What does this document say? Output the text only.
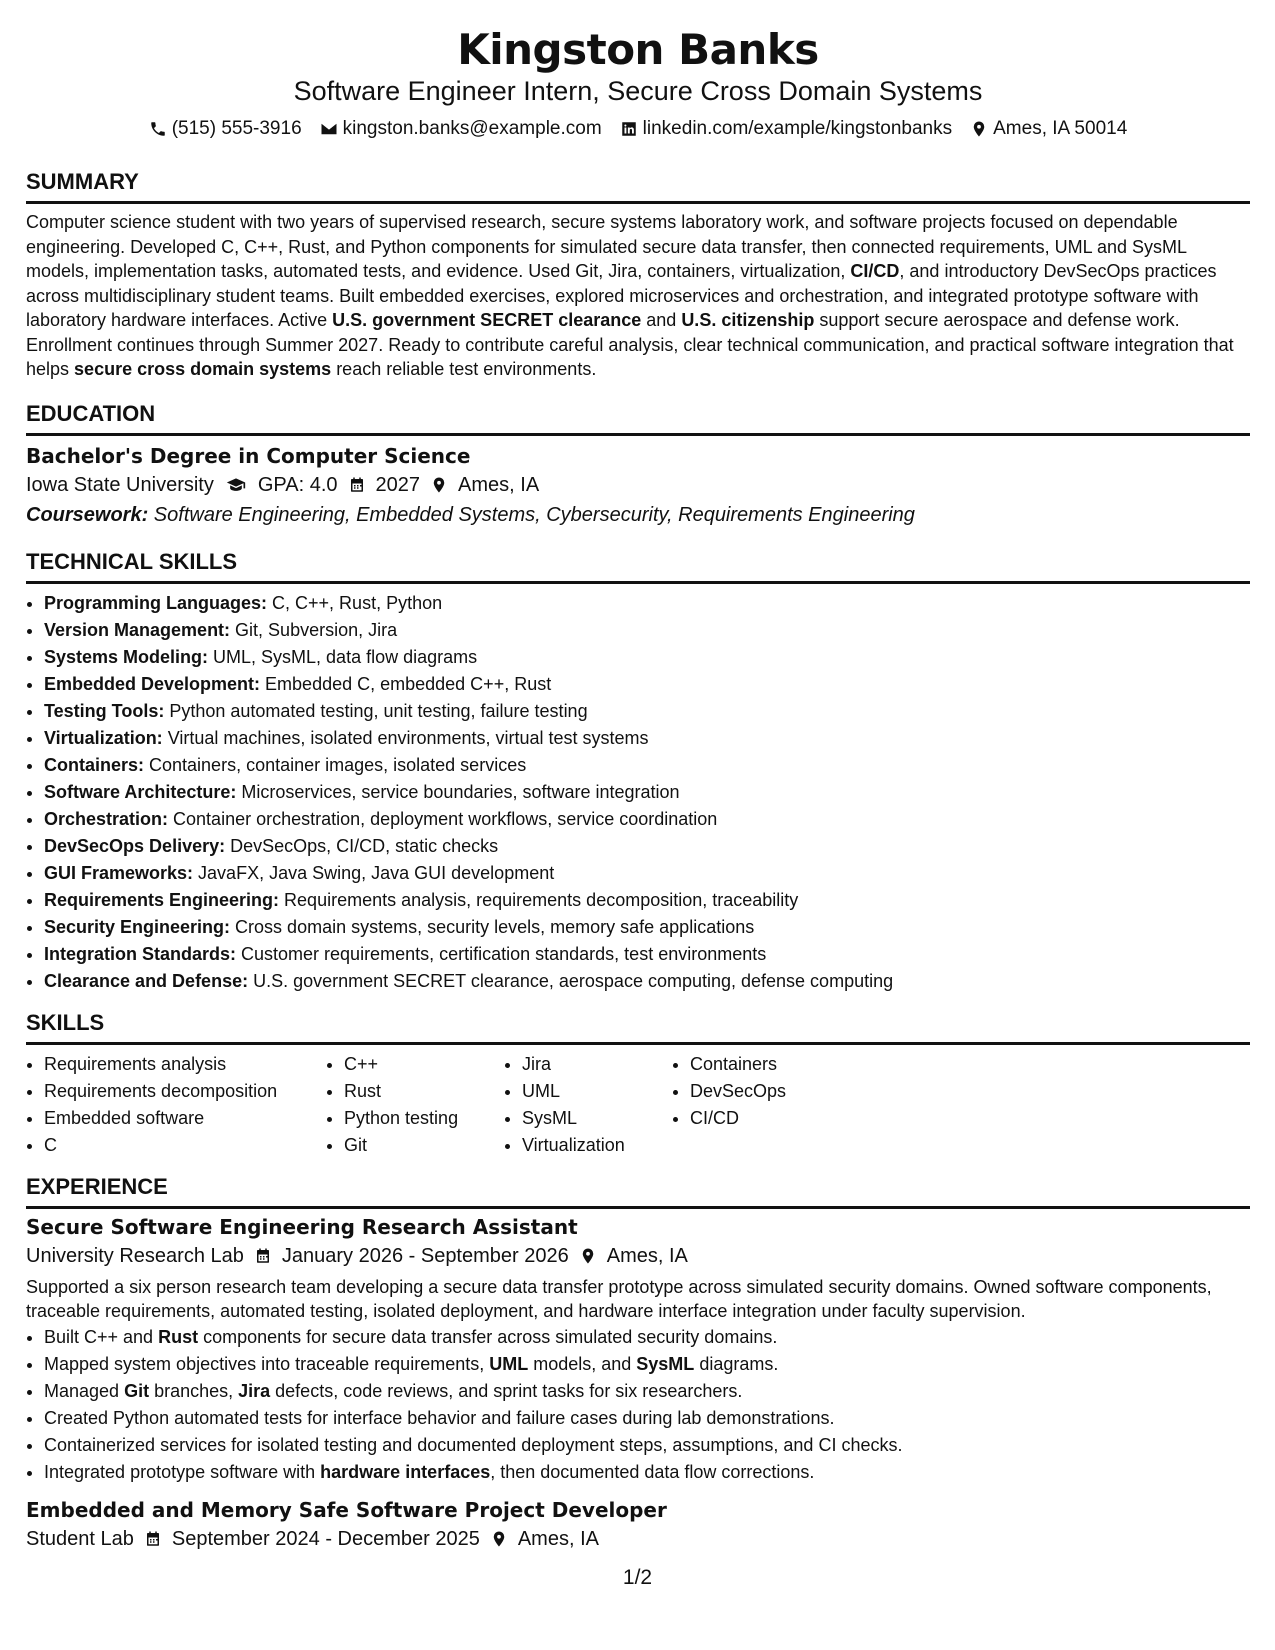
Kingston Banks
Software Engineer Intern, Secure Cross Domain Systems
(515) 555-3916 kingston.banks@example.com linkedin.com/example/kingstonbanks Ames, IA 50014
SUMMARY
Computer science student with two years of supervised research, secure systems laboratory work, and software projects focused on dependable engineering. Developed C, C++, Rust, and Python components for simulated secure data transfer, then connected requirements, UML and SysML models, implementation tasks, automated tests, and evidence. Used Git, Jira, containers, virtualization, CI/CD, and introductory DevSecOps practices across multidisciplinary student teams. Built embedded exercises, explored microservices and orchestration, and integrated prototype software with laboratory hardware interfaces. Active U.S. government SECRET clearance and U.S. citizenship support secure aerospace and defense work. Enrollment continues through Summer 2027. Ready to contribute careful analysis, clear technical communication, and practical software integration that helps secure cross domain systems reach reliable test environments.
EDUCATION
Bachelor's Degree in Computer Science
Iowa State University GPA: 4.0 2027 Ames, IA
Coursework: Software Engineering, Embedded Systems, Cybersecurity, Requirements Engineering
TECHNICAL SKILLS
• Programming Languages: C, C++, Rust, Python
• Version Management: Git, Subversion, Jira
• Systems Modeling: UML, SysML, data flow diagrams
• Embedded Development: Embedded C, embedded C++, Rust
• Testing Tools: Python automated testing, unit testing, failure testing
• Virtualization: Virtual machines, isolated environments, virtual test systems
• Containers: Containers, container images, isolated services
• Software Architecture: Microservices, service boundaries, software integration
• Orchestration: Container orchestration, deployment workflows, service coordination
• DevSecOps Delivery: DevSecOps, CI/CD, static checks
• GUI Frameworks: JavaFX, Java Swing, Java GUI development
• Requirements Engineering: Requirements analysis, requirements decomposition, traceability
• Security Engineering: Cross domain systems, security levels, memory safe applications
• Integration Standards: Customer requirements, certification standards, test environments
• Clearance and Defense: U.S. government SECRET clearance, aerospace computing, defense computing
SKILLS
• Requirements analysis
• Requirements decomposition
• Embedded software
• C
• C++
• Rust
• Python testing
• Git
• Jira
• UML
• SysML
• Virtualization
• Containers
• DevSecOps
• CI/CD
EXPERIENCE
Secure Software Engineering Research Assistant
University Research Lab January 2026 - September 2026 Ames, IA
Supported a six person research team developing a secure data transfer prototype across simulated security domains. Owned software components, traceable requirements, automated testing, isolated deployment, and hardware interface integration under faculty supervision.
• Built C++ and Rust components for secure data transfer across simulated security domains.
• Mapped system objectives into traceable requirements, UML models, and SysML diagrams.
• Managed Git branches, Jira defects, code reviews, and sprint tasks for six researchers.
• Created Python automated tests for interface behavior and failure cases during lab demonstrations.
• Containerized services for isolated testing and documented deployment steps, assumptions, and CI checks.
• Integrated prototype software with hardware interfaces, then documented data flow corrections.
Embedded and Memory Safe Software Project Developer
Student Lab September 2024 - December 2025 Ames, IA
1/2
